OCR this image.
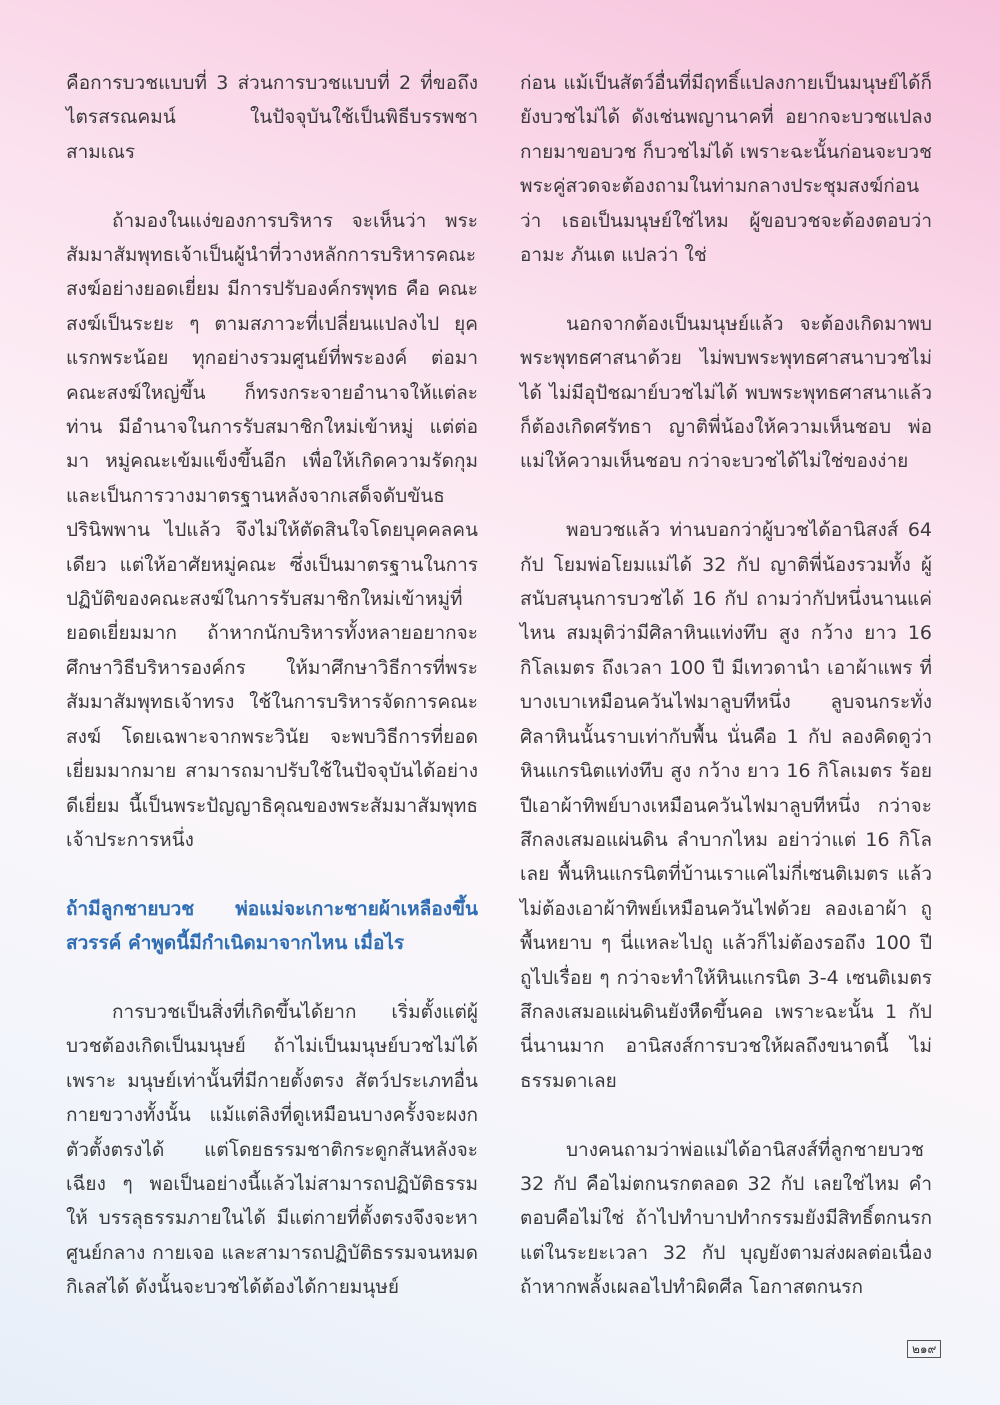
คือการบวชแบบที่ 3 ส่วนการบวชแบบที่ 2 ที่ขอถึงไตรสรณคมน์ ในปัจจุบันใช้เป็นพิธีบรรพชาสามเณร

ถ้ามองในแง่ของการบริหาร จะเห็นว่า พระสัมมาสัมพุทธเจ้าเป็นผู้นำที่วางหลักการบริหารคณะสงฆ์อย่างยอดเยี่ยม มีการปรับองค์กรพุทธ คือ คณะสงฆ์เป็นระยะ ๆ ตามสภาวะที่เปลี่ยนแปลงไป ยุคแรกพระน้อย ทุกอย่างรวมศูนย์ที่พระองค์ ต่อมา คณะสงฆ์ใหญ่ขึ้น ก็ทรงกระจายอำนาจให้แต่ละท่าน มีอำนาจในการรับสมาชิกใหม่เข้าหมู่ แต่ต่อมา หมู่คณะเข้มแข็งขึ้นอีก เพื่อให้เกิดความรัดกุมและเป็นการวางมาตรฐานหลังจากเสด็จดับขันธปรินิพพาน ไปแล้ว จึงไม่ให้ตัดสินใจโดยบุคคลคนเดียว แต่ให้อาศัยหมู่คณะ ซึ่งเป็นมาตรฐานในการปฏิบัติของคณะสงฆ์ในการรับสมาชิกใหม่เข้าหมู่ที่ยอดเยี่ยมมาก ถ้าหากนักบริหารทั้งหลายอยากจะศึกษาวิธีบริหารองค์กร ให้มาศึกษาวิธีการที่พระสัมมาสัมพุทธเจ้าทรง ใช้ในการบริหารจัดการคณะสงฆ์ โดยเฉพาะจากพระวินัย จะพบวิธีการที่ยอดเยี่ยมมากมาย สามารถมาปรับใช้ในปัจจุบันได้อย่างดีเยี่ยม นี้เป็นพระปัญญาธิคุณของพระสัมมาสัมพุทธเจ้าประการหนึ่ง

ถ้ามีลูกชายบวช พ่อแม่จะเกาะชายผ้าเหลืองขึ้นสวรรค์ คำพูดนี้มีกำเนิดมาจากไหน เมื่อไร

การบวชเป็นสิ่งที่เกิดขึ้นได้ยาก เริ่มตั้งแต่ผู้บวชต้องเกิดเป็นมนุษย์ ถ้าไม่เป็นมนุษย์บวชไม่ได้ เพราะ มนุษย์เท่านั้นที่มีกายตั้งตรง สัตว์ประเภทอื่นกายขวางทั้งนั้น แม้แต่ลิงที่ดูเหมือนบางครั้งจะผงกตัวตั้งตรงได้ แต่โดยธรรมชาติกระดูกสันหลังจะเฉียง ๆ พอเป็นอย่างนี้แล้วไม่สามารถปฏิบัติธรรมให้ บรรลุธรรมภายในได้ มีแต่กายที่ตั้งตรงจึงจะหาศูนย์กลาง กายเจอ และสามารถปฏิบัติธรรมจนหมดกิเลสได้ ดังนั้นจะบวชได้ต้องได้กายมนุษย์

ก่อน แม้เป็นสัตว์อื่นที่มีฤทธิ์แปลงกายเป็นมนุษย์ได้ก็ยังบวชไม่ได้ ดังเช่นพญานาคที่ อยากจะบวชแปลงกายมาขอบวช ก็บวชไม่ได้ เพราะฉะนั้นก่อนจะบวช พระคู่สวดจะต้องถามในท่ามกลางประชุมสงฆ์ก่อนว่า เธอเป็นมนุษย์ใช่ไหม ผู้ขอบวชจะต้องตอบว่า อามะ ภันเต แปลว่า ใช่

นอกจากต้องเป็นมนุษย์แล้ว จะต้องเกิดมาพบ พระพุทธศาสนาด้วย ไม่พบพระพุทธศาสนาบวชไม่ได้ ไม่มีอุปัชฌาย์บวชไม่ได้ พบพระพุทธศาสนาแล้วก็ต้องเกิดศรัทธา ญาติพี่น้องให้ความเห็นชอบ พ่อแม่ให้ความเห็นชอบ กว่าจะบวชได้ไม่ใช่ของง่าย

พอบวชแล้ว ท่านบอกว่าผู้บวชได้อานิสงส์ 64 กัป โยมพ่อโยมแม่ได้ 32 กัป ญาติพี่น้องรวมทั้ง ผู้สนับสนุนการบวชได้ 16 กัป ถามว่ากัปหนึ่งนานแค่ไหน สมมุติว่ามีศิลาหินแท่งทึบ สูง กว้าง ยาว 16 กิโลเมตร ถึงเวลา 100 ปี มีเทวดานำ เอาผ้าแพร ที่บางเบาเหมือนควันไฟมาลูบทีหนึ่ง ลูบจนกระทั่งศิลาหินนั้นราบเท่ากับพื้น นั่นคือ 1 กัป ลองคิดดูว่าหินแกรนิตแท่งทึบ สูง กว้าง ยาว 16 กิโลเมตร ร้อยปีเอาผ้าทิพย์บางเหมือนควันไฟมาลูบทีหนึ่ง กว่าจะสึกลงเสมอแผ่นดิน ลำบากไหม อย่าว่าแต่ 16 กิโลเลย พื้นหินแกรนิตที่บ้านเราแค่ไม่กี่เซนติเมตร แล้วไม่ต้องเอาผ้าทิพย์เหมือนควันไฟด้วย ลองเอาผ้า ถูพื้นหยาบ ๆ นี่แหละไปถู แล้วก็ไม่ต้องรอถึง 100 ปี ถูไปเรื่อย ๆ กว่าจะทำให้หินแกรนิต 3-4 เซนติเมตร สึกลงเสมอแผ่นดินยังหืดขึ้นคอ เพราะฉะนั้น 1 กัป นี่นานมาก อานิสงส์การบวชให้ผลถึงขนาดนี้ ไม่ธรรมดาเลย

บางคนถามว่าพ่อแม่ได้อานิสงส์ที่ลูกชายบวช 32 กัป คือไม่ตกนรกตลอด 32 กัป เลยใช่ไหม คำตอบคือไม่ใช่ ถ้าไปทำบาปทำกรรมยังมีสิทธิ์ตกนรก แต่ในระยะเวลา 32 กัป บุญยังตามส่งผลต่อเนื่อง ถ้าหากพลั้งเผลอไปทำผิดศีล โอกาสตกนรก

๒๑๙
